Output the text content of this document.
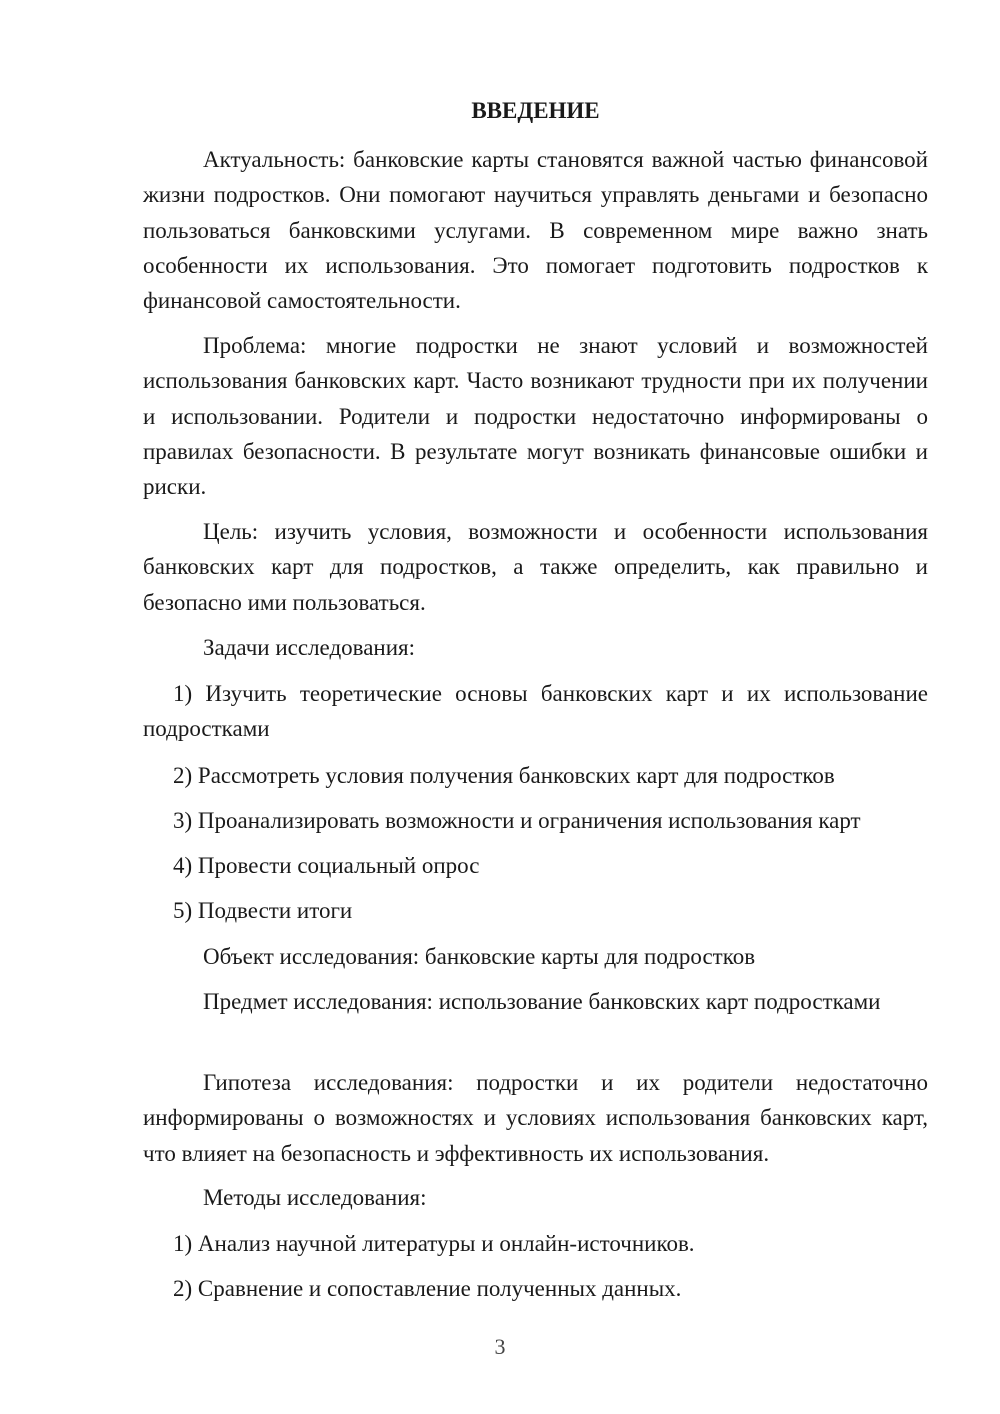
ВВЕДЕНИЕ

Актуальность: банковские карты становятся важной частью финансовой жизни подростков. Они помогают научиться управлять деньгами и безопасно пользоваться банковскими услугами. В современном мире важно знать особенности их использования. Это помогает подготовить подростков к финансовой самостоятельности.

Проблема: многие подростки не знают условий и возможностей использования банковских карт. Часто возникают трудности при их получении и использовании. Родители и подростки недостаточно информированы о правилах безопасности. В результате могут возникать финансовые ошибки и риски.

Цель: изучить условия, возможности и особенности использования банковских карт для подростков, а также определить, как правильно и безопасно ими пользоваться.

Задачи исследования:

1) Изучить теоретические основы банковских карт и их использование подростками

2) Рассмотреть условия получения банковских карт для подростков

3) Проанализировать возможности и ограничения использования карт

4) Провести социальный опрос

5) Подвести итоги

Объект исследования: банковские карты для подростков

Предмет исследования: использование банковских карт подростками

Гипотеза исследования: подростки и их родители недостаточно информированы о возможностях и условиях использования банковских карт, что влияет на безопасность и эффективность их использования.

Методы исследования:

1) Анализ научной литературы и онлайн-источников.

2) Сравнение и сопоставление полученных данных.

3
